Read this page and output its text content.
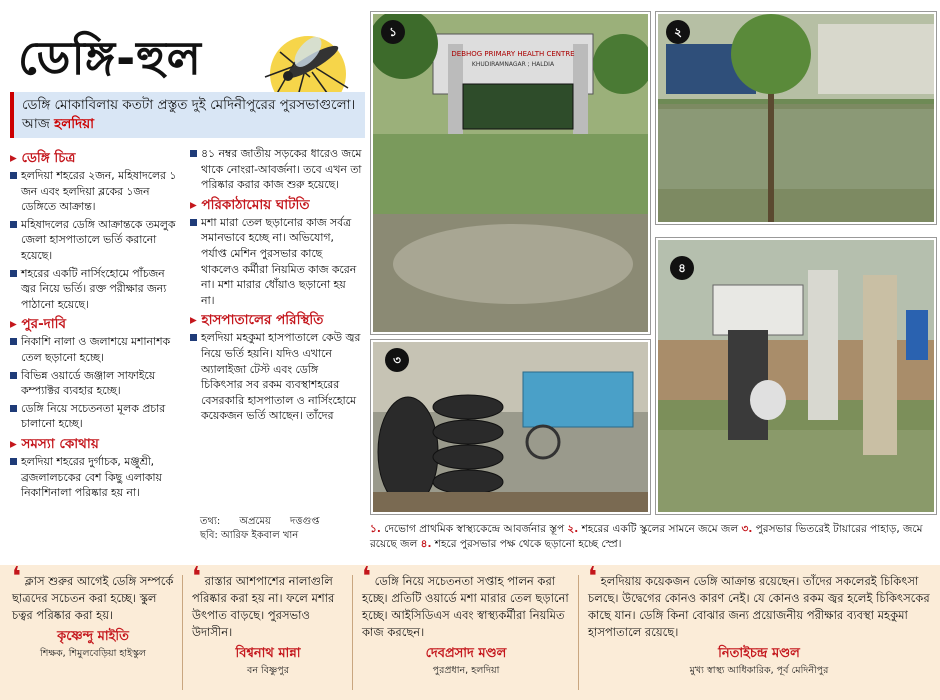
ডেঙ্গি-হুল
ডেঙ্গি মোকাবিলায় কতটা প্রস্তুত দুই মেদিনীপুরের পুরসভাগুলো। আজ হলদিয়া
▸ ডেঙ্গি চিত্র
হলদিয়া শহরের ২জন, মহিষাদলের ১ জন এবং হলদিয়া ব্লকের ১জন ডেঙ্গিতে আক্রান্ত।
মহিষাদলের ডেঙ্গি আক্রান্তকে তমলুক জেলা হাসপাতালে ভর্তি করানো হয়েছে।
শহরের একটি নার্সিংহোমে পাঁচজন জ্বর নিয়ে ভর্তি। রক্ত পরীক্ষার জন্য পাঠানো হয়েছে।
▸ পুর-দাবি
নিকাশি নালা ও জলাশয়ে মশানাশক তেল ছড়ানো হচ্ছে।
বিভিন্ন ওয়ার্ডে জঞ্জাল সাফাইয়ে কম্প্যাক্টর ব্যবহার হচ্ছে।
ডেঙ্গি নিয়ে সচেতনতা মূলক প্রচার চালানো হচ্ছে।
▸ সমস্যা কোথায়
হলদিয়া শহরের দুর্গাচক, মঞ্জুশ্রী, ব্রজলালচকের বেশ কিছু এলাকায় নিকাশিনালা পরিষ্কার হয় না।
৪১ নম্বর জাতীয় সড়কের ধারেও জমে থাকে নোংরা-আবর্জনা। তবে এখন তা পরিষ্কার করার কাজ শুরু হয়েছে।
▸ পরিকাঠামোয় ঘাটতি
মশা মারা তেল ছড়ানোর কাজ সর্বত্র সমানভাবে হচ্ছে না। অভিযোগ, পর্যাপ্ত মেশিন পুরসভার কাছে থাকলেও কর্মীরা নিয়মিত কাজ করেন না। মশা মারার ধোঁয়াও ছড়ানো হয় না।
▸ হাসপাতালের পরিস্থিতি
হলদিয়া মহকুমা হাসপাতালে কেউ জ্বর নিয়ে ভর্তি হয়নি। যদিও এখানে অ্যালাইজা টেস্ট এবং ডেঙ্গি চিকিৎসার সব রকম ব্যবস্থাশহরের বেসরকারি হাসপাতাল ও নার্সিংহোমে কয়েকজন ভর্তি আছেন। তাঁদের
তথ্য:      অপ্রমেয়      দত্তগুপ্ত
ছবি: আরিফ ইকবাল খান
DEBHOG PRIMARY HEALTH CENTRE
KHUDIRAMNAGAR ; HALDIA
১	২
৩
৪
১. দেভোগ প্রাথমিক স্বাস্থ্যকেন্দ্রে আবর্জনার স্তূপ ২. শহরের একটি স্কুলের সামনে জমে জল ৩. পুরসভার ভিতরেই টায়ারের পাহাড়, জমে রয়েছে জল ৪. শহরে পুরসভার পক্ষ থেকে ছড়ানো হচ্ছে স্প্রে।
❛ ক্লাস শুরুর আগেই ডেঙ্গি সম্পর্কে ছাত্রদের সচেতন করা হচ্ছে। স্কুল চত্বর পরিষ্কার করা হয়।
কৃষ্ণেন্দু মাইতি
শিক্ষক, শিমুলবেড়িয়া হাইস্কুল
❛ রাস্তার আশপাশের নালাগুলি পরিষ্কার করা হয় না। ফলে মশার উৎপাত বাড়ছে। পুরসভাও উদাসীন।
বিশ্বনাথ মান্না
বন বিষ্ণুপুর
❛ ডেঙ্গি নিয়ে সচেতনতা সপ্তাহ পালন করা হচ্ছে। প্রতিটি ওয়ার্ডে মশা মারার তেল ছড়ানো হচ্ছে। আইসিডিএস এবং স্বাস্থ্যকর্মীরা নিয়মিত কাজ করছেন।
দেবপ্রসাদ মণ্ডল
পুরপ্রধান, হলদিয়া
❛ হলদিয়ায় কয়েকজন ডেঙ্গি আক্রান্ত রয়েছেন। তাঁদের সকলেরই চিকিৎসা চলছে। উদ্বেগের কোনও কারণ নেই। যে কোনও রকম জ্বর হলেই চিকিৎসকের কাছে যান। ডেঙ্গি কিনা বোঝার জন্য প্রয়োজনীয় পরীক্ষার ব্যবস্থা মহকুমা হাসপাতালে রয়েছে।
নিতাইচন্দ্র মণ্ডল
মুখ্য স্বাস্থ্য আধিকারিক, পূর্ব মেদিনীপুর
